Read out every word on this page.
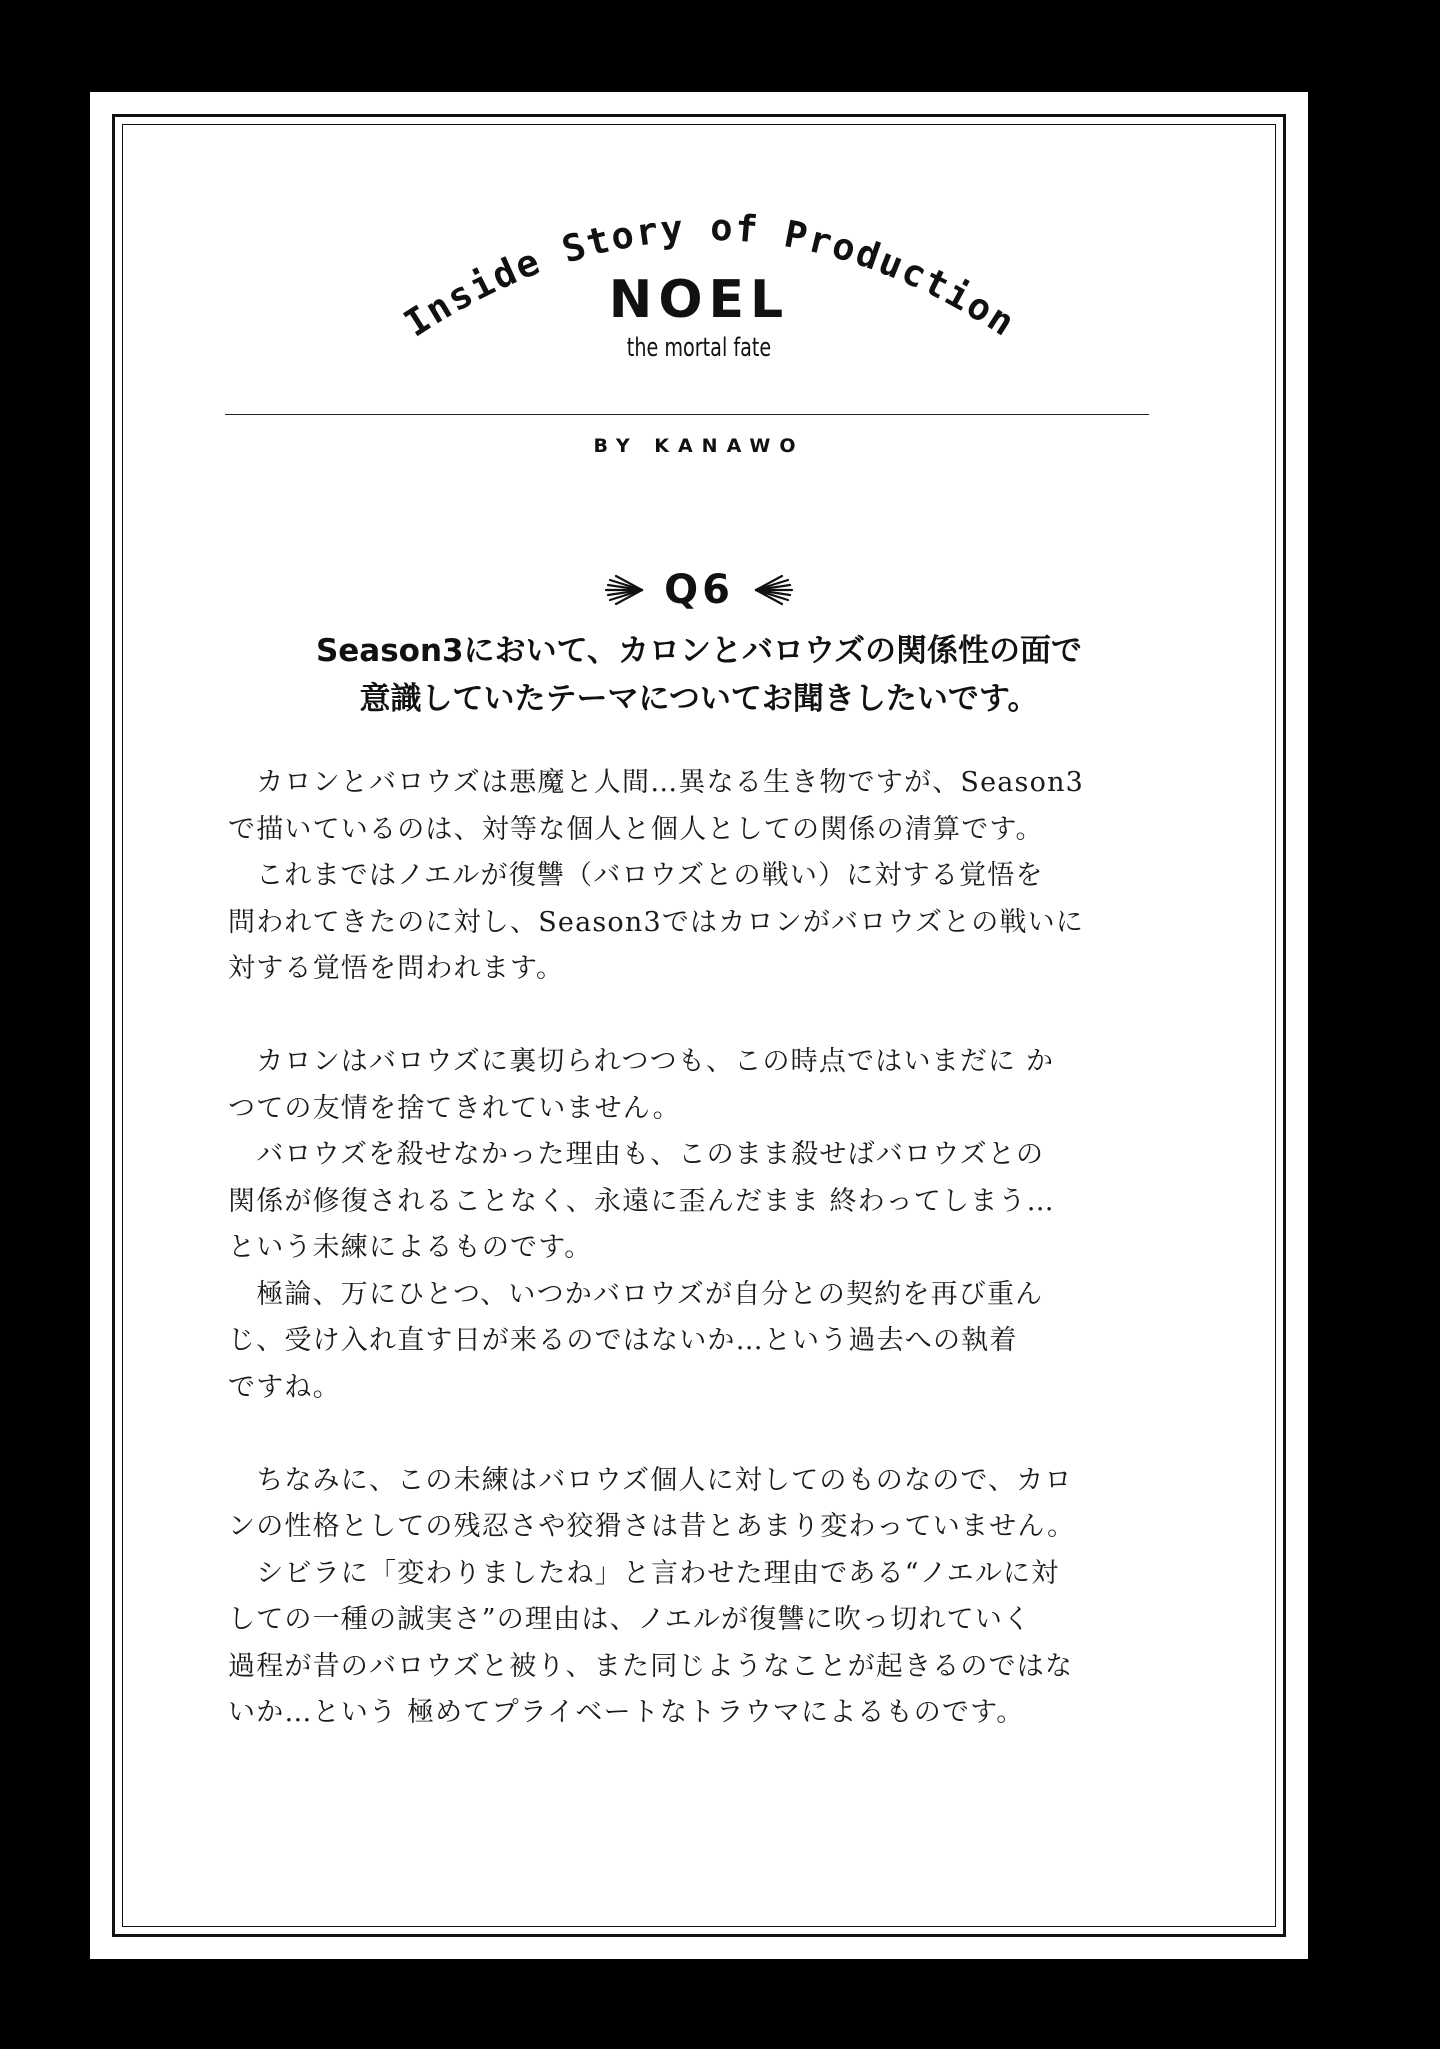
Inside Story of Production
NOEL
the mortal fate
BY KANAWO
Q6
Season3において、カロンとバロウズの関係性の面で
意識していたテーマについてお聞きしたいです。

　カロンとバロウズは悪魔と人間…異なる生き物ですが、Season3

で描いているのは、対等な個人と個人としての関係の清算です。

　これまではノエルが復讐（バロウズとの戦い）に対する覚悟を

問われてきたのに対し、Season3ではカロンがバロウズとの戦いに

対する覚悟を問われます。

　カロンはバロウズに裏切られつつも、この時点ではいまだに か

つての友情を捨てきれていません。

　バロウズを殺せなかった理由も、このまま殺せばバロウズとの

関係が修復されることなく、永遠に歪んだまま 終わってしまう…

という未練によるものです。

　極論、万にひとつ、いつかバロウズが自分との契約を再び重ん

じ、受け入れ直す日が来るのではないか…という過去への執着

ですね。

　ちなみに、この未練はバロウズ個人に対してのものなので、カロ

ンの性格としての残忍さや狡猾さは昔とあまり変わっていません。

　シビラに「変わりましたね」と言わせた理由である“ノエルに対

しての一種の誠実さ”の理由は、ノエルが復讐に吹っ切れていく

過程が昔のバロウズと被り、また同じようなことが起きるのではな

いか…という 極めてプライベートなトラウマによるものです。
